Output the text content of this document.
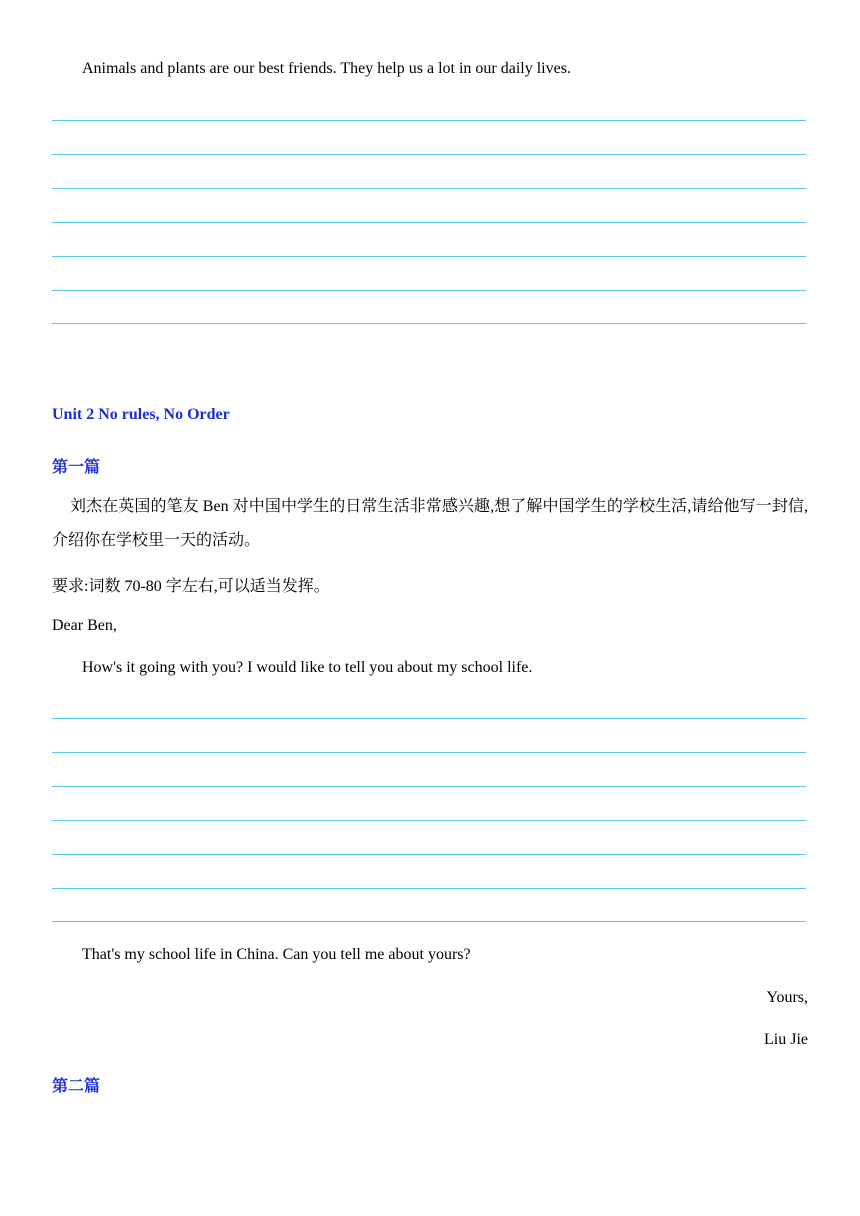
Animals and plants are our best friends. They help us a lot in our daily lives.
Unit 2 No rules, No Order
第一篇
刘杰在英国的笔友 Ben 对中国中学生的日常生活非常感兴趣,想了解中国学生的学校生活,请给他写一封信,介绍你在学校里一天的活动。
要求:词数 70-80 字左右,可以适当发挥。
Dear Ben,
How's it going with you? I would like to tell you about my school life.
That's my school life in China. Can you tell me about yours?
Yours,
Liu Jie
第二篇
